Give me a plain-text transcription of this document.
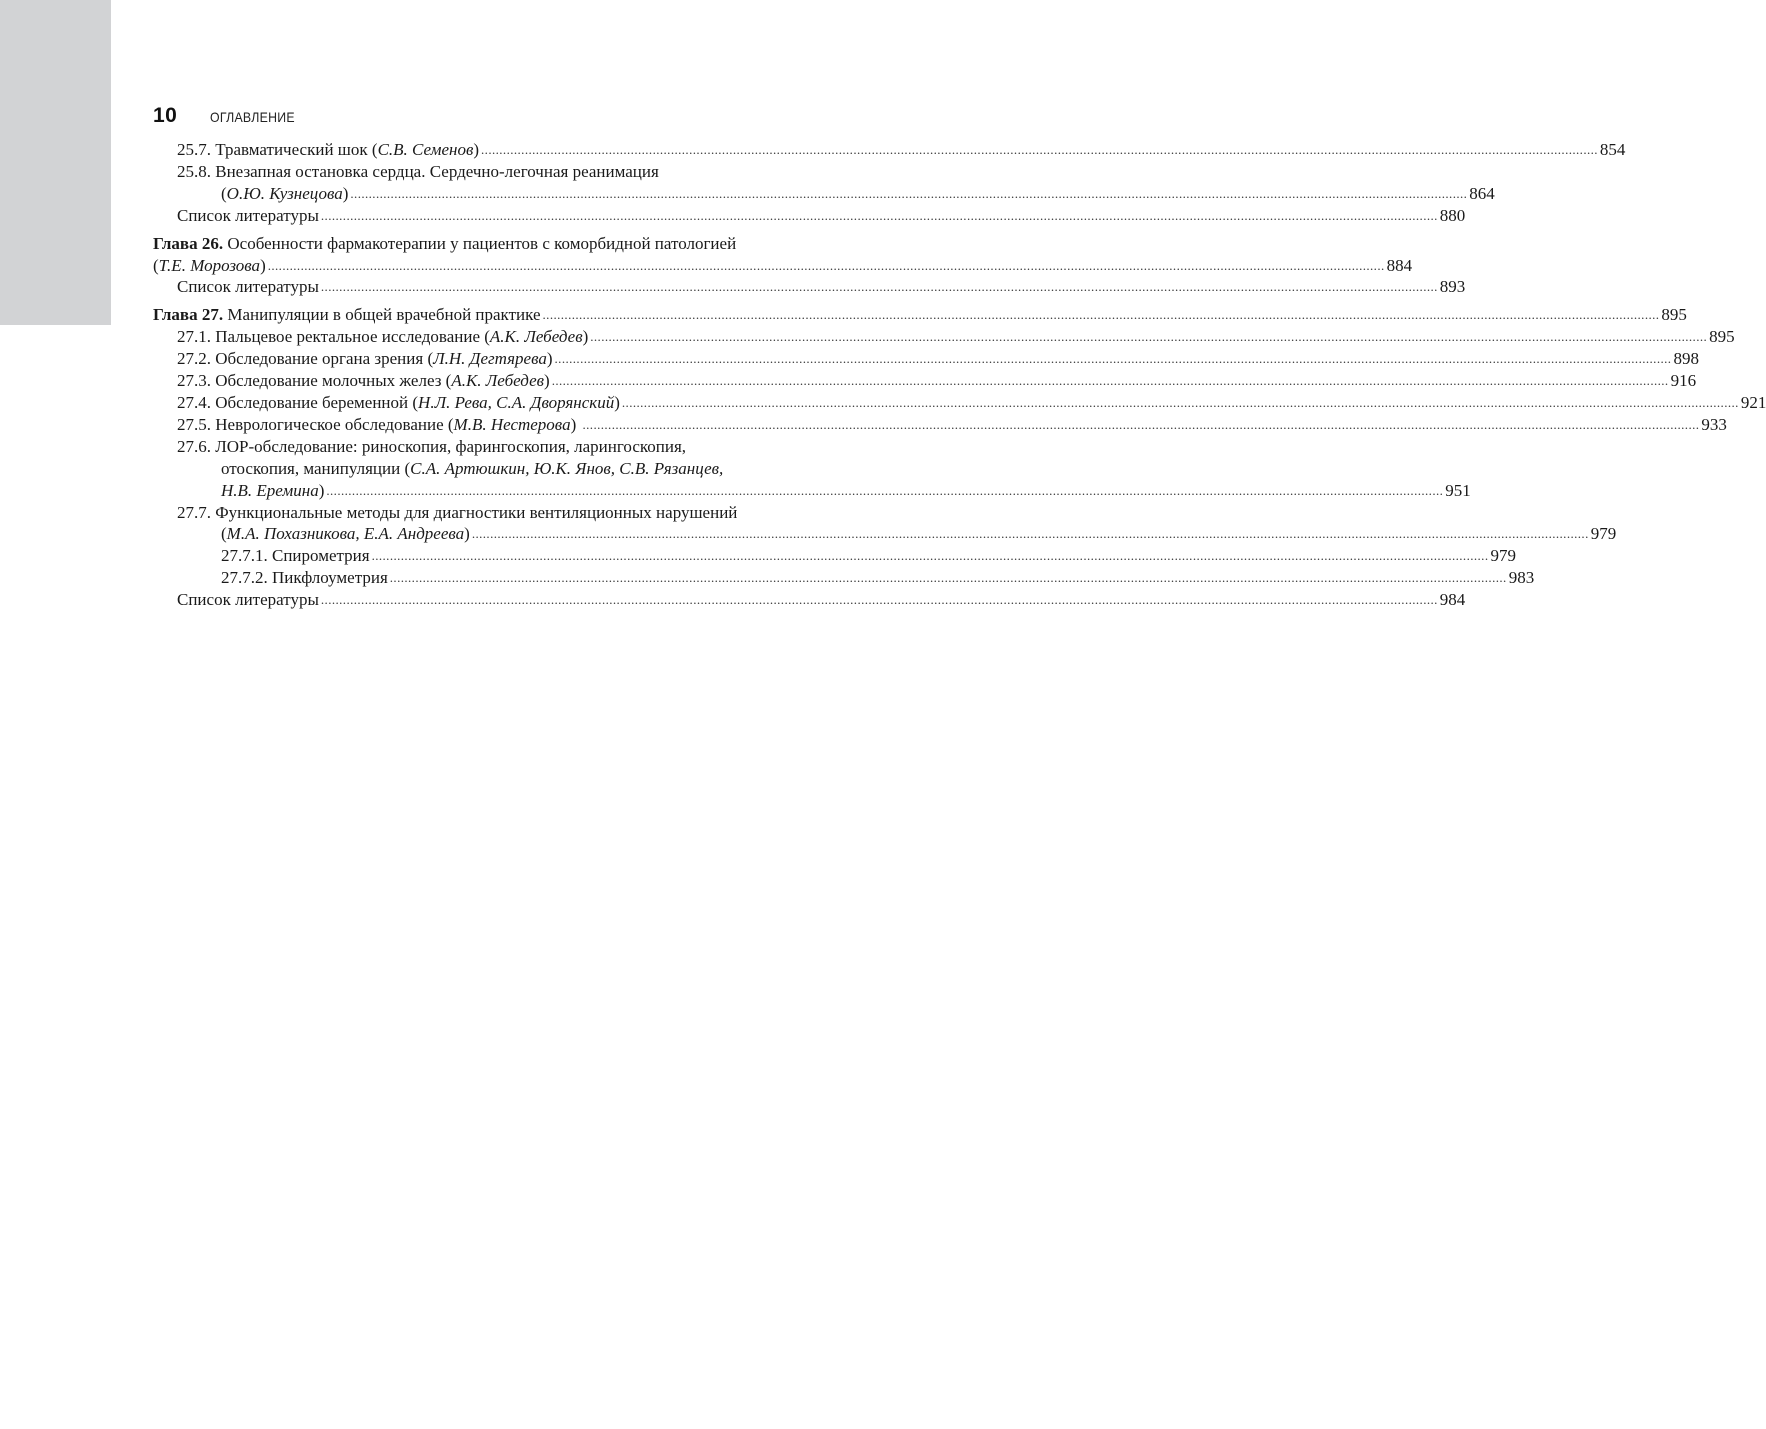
10 ОГЛАВЛЕНИЕ
25.7. Травматический шок (С.В. Семенов) .....	854
25.8. Внезапная остановка сердца. Сердечно-легочная реанимация
(О.Ю. Кузнецова) .....	864
Список литературы .....	880
Глава 26. Особенности фармакотерапии у пациентов с коморбидной патологией
(Т.Е. Морозова) .....	884
Список литературы .....	893
Глава 27. Манипуляции в общей врачебной практике .....	895
27.1. Пальцевое ректальное исследование (А.К. Лебедев) .....	895
27.2. Обследование органа зрения (Л.Н. Дегтярева) .....	898
27.3. Обследование молочных желез (А.К. Лебедев) .....	916
27.4. Обследование беременной (Н.Л. Рева, С.А. Дворянский) .....	921
27.5. Неврологическое обследование (М.В. Нестерова) .....	933
27.6. ЛОР-обследование: риноскопия, фарингоскопия, ларингоскопия,
отоскопия, манипуляции (С.А. Артюшкин, Ю.К. Янов, С.В. Рязанцев,
Н.В. Еремина) .....	951
27.7. Функциональные методы для диагностики вентиляционных нарушений
(М.А. Похазникова, Е.А. Андреева) .....	979
27.7.1. Спирометрия .....	979
27.7.2. Пикфлоуметрия .....	983
Список литературы .....	984
